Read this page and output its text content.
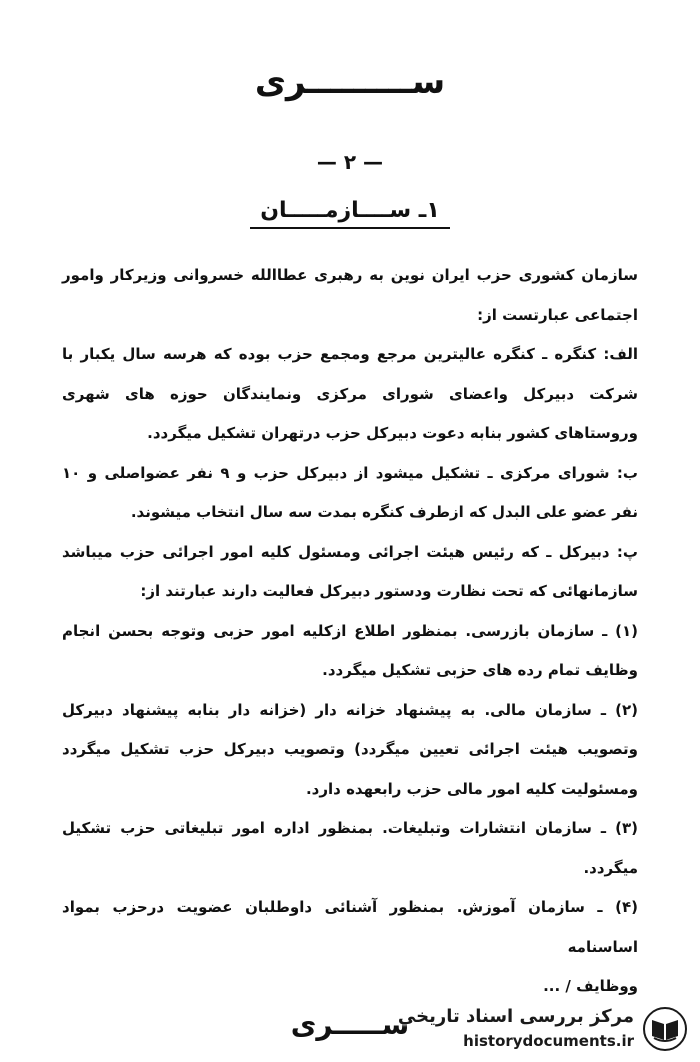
ســـــــــری
— ۲ —
۱ـ ســــازمـــــان

سازمان کشوری حزب ایران نوین به رهبری عطاالله خسروانی وزیرکار وامور اجتماعی عبارتست از:

الف: کنگره ـ کنگره عالیترین مرجع ومجمع حزب بوده که هرسه سال یکبار با شرکت دبیرکل واعضای شورای مرکزی ونمایندگان حوزه های شهری وروستاهای کشور بنابه دعوت دبیرکل حزب درتهران تشکیل میگردد.

ب: شورای مرکزی ـ تشکیل میشود از دبیرکل حزب و ۹ نفر عضواصلی و ۱۰ نفر عضو علی البدل که ازطرف کنگره بمدت سه سال انتخاب میشوند.

پ: دبیرکل ـ که رئیس هیئت اجرائی ومسئول کلیه امور اجرائی حزب میباشد سازمانهائی که تحت نظارت ودستور دبیرکل فعالیت دارند عبارتند از:

(۱) ـ سازمان بازرسی. بمنظور اطلاع ازکلیه امور حزبی وتوجه بحسن انجام وظایف تمام رده های حزبی تشکیل میگردد.

(۲) ـ سازمان مالی. به پیشنهاد خزانه دار (خزانه دار بنابه پیشنهاد دبیرکل وتصویب هیئت اجرائی تعیین میگردد) وتصویب دبیرکل حزب تشکیل میگردد ومسئولیت کلیه امور مالی حزب رابعهده دارد.

(۳) ـ سازمان انتشارات وتبلیغات. بمنظور اداره امور تبلیغاتی حزب تشکیل میگردد.

(۴) ـ سازمان آموزش. بمنظور آشنائی داوطلبان عضویت درحزب بمواد اساسنامه

ووظایف / ...

ســـــری
مرکز بررسی اسناد تاریخی
historydocuments.ir
